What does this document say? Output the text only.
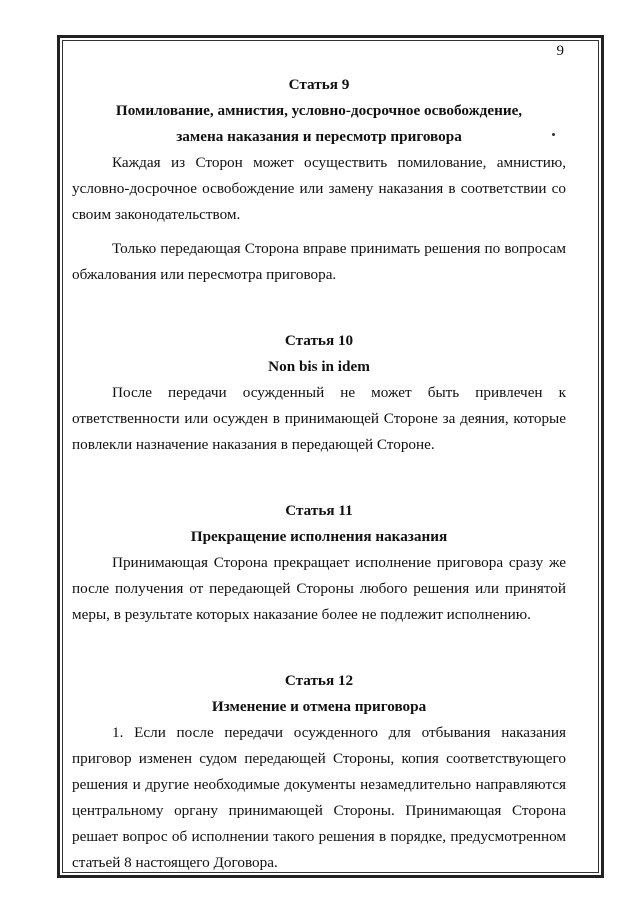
9

Статья 9

Помилование, амнистия, условно-досрочное освобождение,

замена наказания и пересмотр приговора

Каждая из Сторон может осуществить помилование, амнистию, условно-досрочное освобождение или замену наказания в соответствии со своим законодательством.

Только передающая Сторона вправе принимать решения по вопросам обжалования или пересмотра приговора.

Статья 10

Non bis in idem

После передачи осужденный не может быть привлечен к ответственности или осужден в принимающей Стороне за деяния, которые повлекли назначение наказания в передающей Стороне.

Статья 11

Прекращение исполнения наказания

Принимающая Сторона прекращает исполнение приговора сразу же после получения от передающей Стороны любого решения или принятой меры, в результате которых наказание более не подлежит исполнению.

Статья 12

Изменение и отмена приговора

1. Если после передачи осужденного для отбывания наказания приговор изменен судом передающей Стороны, копия соответствующего решения и другие необходимые документы незамедлительно направляются центральному органу принимающей Стороны. Принимающая Сторона решает вопрос об исполнении такого решения в порядке, предусмотренном статьей 8 настоящего Договора.
